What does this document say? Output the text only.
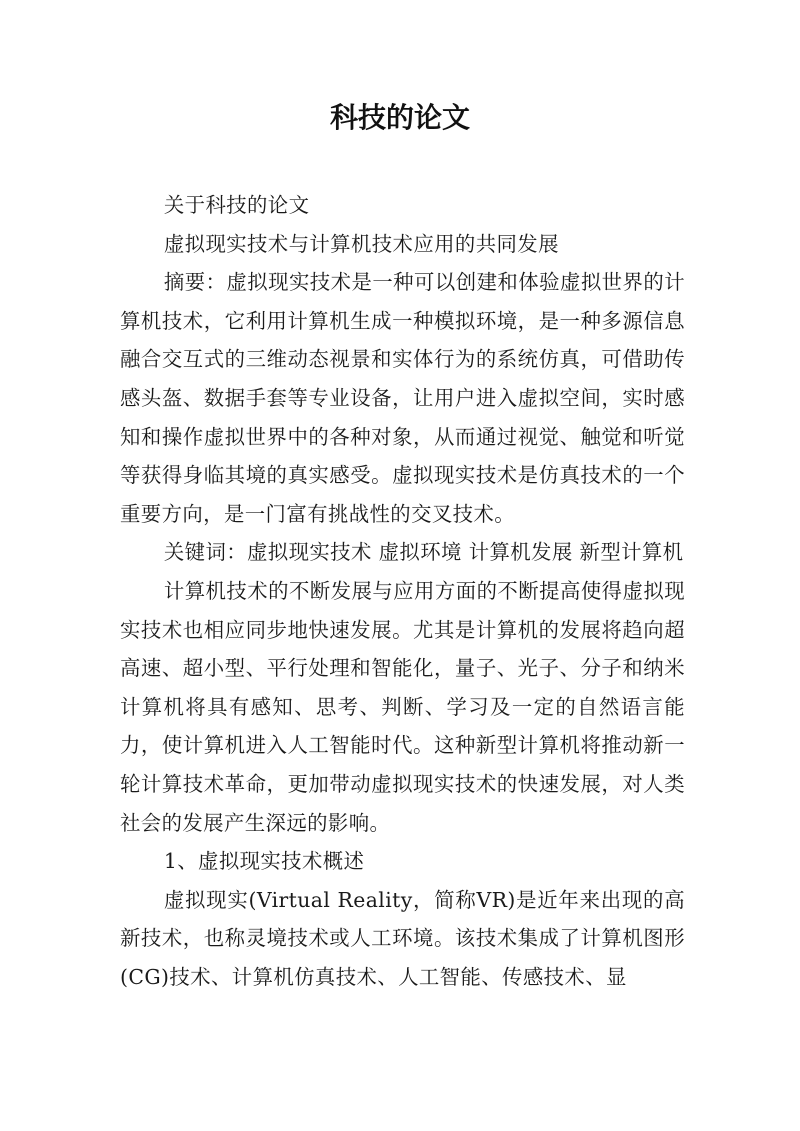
科技的论文

关于科技的论文

虚拟现实技术与计算机技术应用的共同发展

摘要：虚拟现实技术是一种可以创建和体验虚拟世界的计算机技术，它利用计算机生成一种模拟环境，是一种多源信息融合交互式的三维动态视景和实体行为的系统仿真，可借助传感头盔、数据手套等专业设备，让用户进入虚拟空间，实时感知和操作虚拟世界中的各种对象，从而通过视觉、触觉和听觉等获得身临其境的真实感受。虚拟现实技术是仿真技术的一个重要方向，是一门富有挑战性的交叉技术。

关键词：虚拟现实技术 虚拟环境 计算机发展 新型计算机

计算机技术的不断发展与应用方面的不断提高使得虚拟现实技术也相应同步地快速发展。尤其是计算机的发展将趋向超高速、超小型、平行处理和智能化，量子、光子、分子和纳米计算机将具有感知、思考、判断、学习及一定的自然语言能力，使计算机进入人工智能时代。这种新型计算机将推动新一轮计算技术革命，更加带动虚拟现实技术的快速发展，对人类社会的发展产生深远的影响。

1、虚拟现实技术概述

虚拟现实(Virtual Reality，简称VR)是近年来出现的高新技术，也称灵境技术或人工环境。该技术集成了计算机图形(CG)技术、计算机仿真技术、人工智能、传感技术、显
